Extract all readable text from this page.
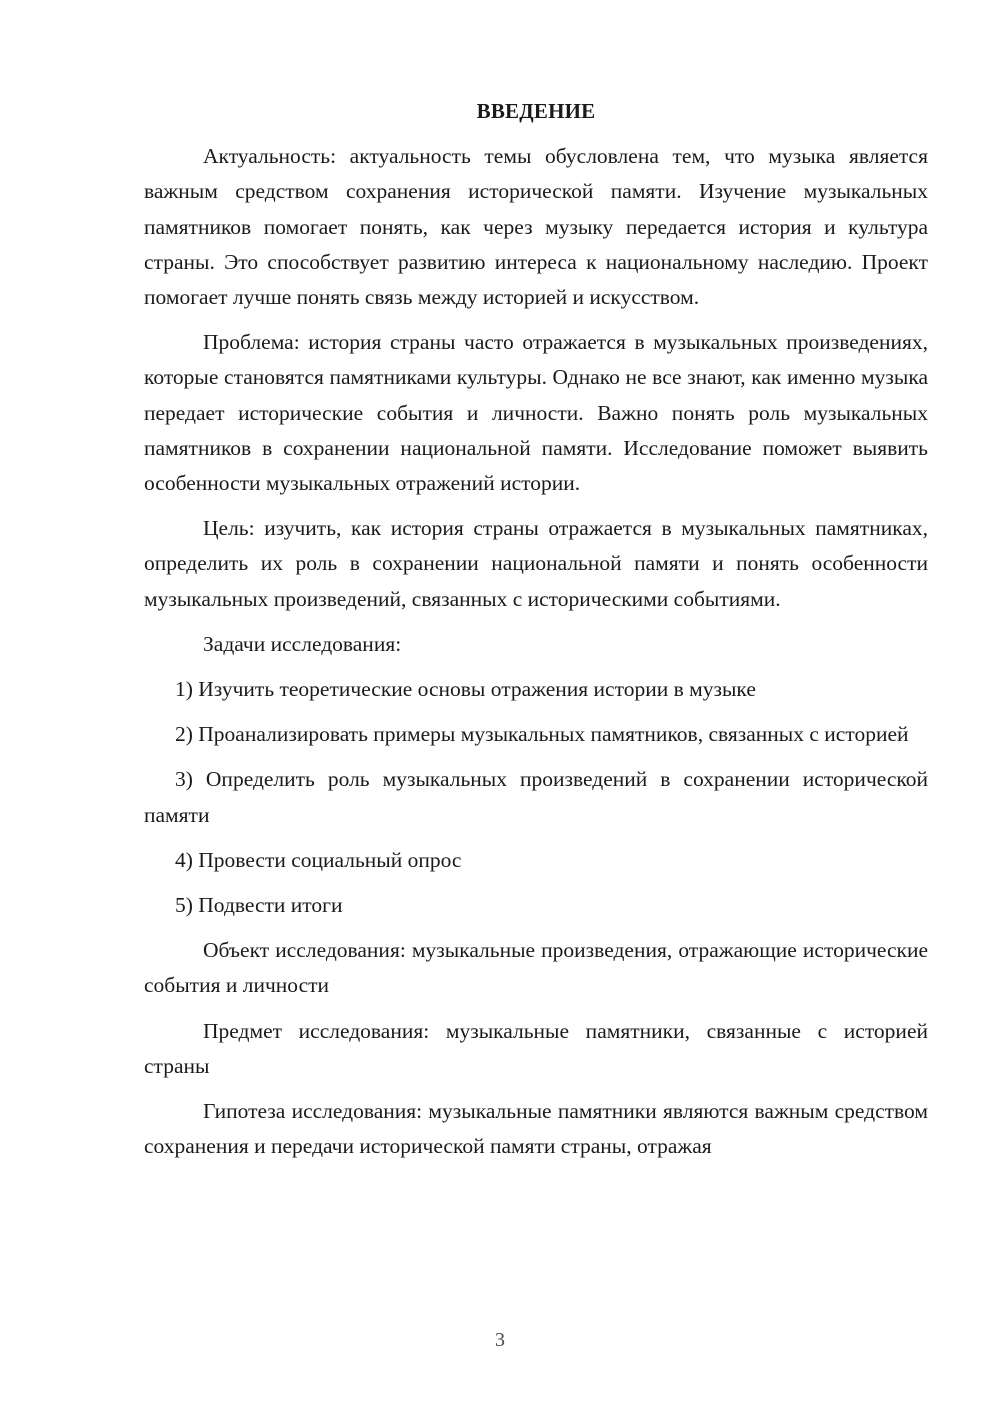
ВВЕДЕНИЕ

Актуальность: актуальность темы обусловлена тем, что музыка является важным средством сохранения исторической памяти. Изучение музыкальных памятников помогает понять, как через музыку передается история и культура страны. Это способствует развитию интереса к национальному наследию. Проект помогает лучше понять связь между историей и искусством.

Проблема: история страны часто отражается в музыкальных произведениях, которые становятся памятниками культуры. Однако не все знают, как именно музыка передает исторические события и личности. Важно понять роль музыкальных памятников в сохранении национальной памяти. Исследование поможет выявить особенности музыкальных отражений истории.

Цель: изучить, как история страны отражается в музыкальных памятниках, определить их роль в сохранении национальной памяти и понять особенности музыкальных произведений, связанных с историческими событиями.

Задачи исследования:

1) Изучить теоретические основы отражения истории в музыке

2) Проанализировать примеры музыкальных памятников, связанных с историей

3) Определить роль музыкальных произведений в сохранении исторической памяти

4) Провести социальный опрос

5) Подвести итоги

Объект исследования: музыкальные произведения, отражающие исторические события и личности

Предмет исследования: музыкальные памятники, связанные с историей страны

Гипотеза исследования: музыкальные памятники являются важным средством сохранения и передачи исторической памяти страны, отражая

3
